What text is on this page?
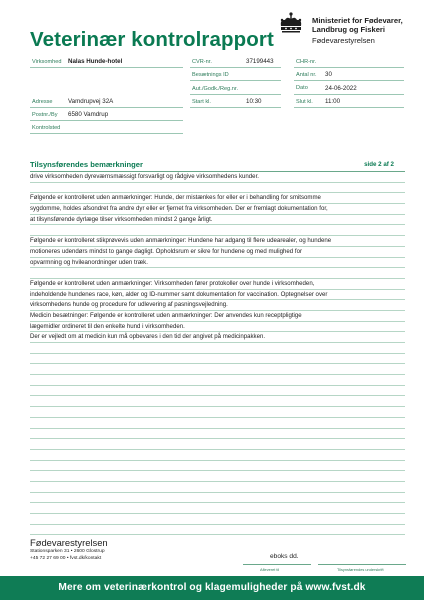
Veterinær kontrolrapport
Ministeriet for Fødevarer,
Landbrug og Fiskeri
Fødevarestyrelsen
Virksomhed Nalas Hunde-hotel	CVR-nr.	37199443	CHR-nr.
Besætnings ID	Antal nr. 30
Aut./Godk./Reg.nr.	Dato	24-06-2022
Adresse Vamdrupvej 32A	Start kl.	10:30	Slut kl. 11:00
Postnr./By 6580 Vamdrup
Kontrolsted
Tilsynsførendes bemærkninger	side 2 af 2
drive virksomheden dyreværnsmæssigt forsvarligt og rådgive virksomhedens kunder.
Følgende er kontrolleret uden anmærkninger: Hunde, der mistænkes for eller er i behandling for smitsomme
sygdomme, holdes afsondret fra andre dyr eller er fjernet fra virksomheden. Der er fremlagt dokumentation for,
at tilsynsførende dyrlæge tilser virksomheden mindst 2 gange årligt.
Følgende er kontrolleret stikprøvevis uden anmærkninger: Hundene har adgang til flere udearealer, og hundene
motioneres udendørs mindst to gange dagligt. Opholdsrum er sikre for hundene og med mulighed for
opvarmning og hvileanordninger uden træk.
Følgende er kontrolleret uden anmærkninger: Virksomheden fører protokoller over hunde i virksomheden,
indeholdende hundenes race, køn, alder og ID-nummer samt dokumentation for vaccination. Optegnelser over
virksomhedens hunde og procedure for udlevering af pasningsvejledning.
Medicin besætninger: Følgende er kontrolleret uden anmærkninger: Der anvendes kun receptpligtige
lægemidler ordineret til den enkelte hund i virksomheden.
Der er vejledt om at medicin kun må opbevares i den tid der angivet på medicinpakken.
Fødevarestyrelsen
Stationsparken 31 • 2600 Glostrup
+45 72 27 69 00 • fvst.dk/kontakt	eboks dd.
Afleveret til	Tilsynsførendes underskrift
Mere om veterinærkontrol og klagemuligheder på www.fvst.dk
